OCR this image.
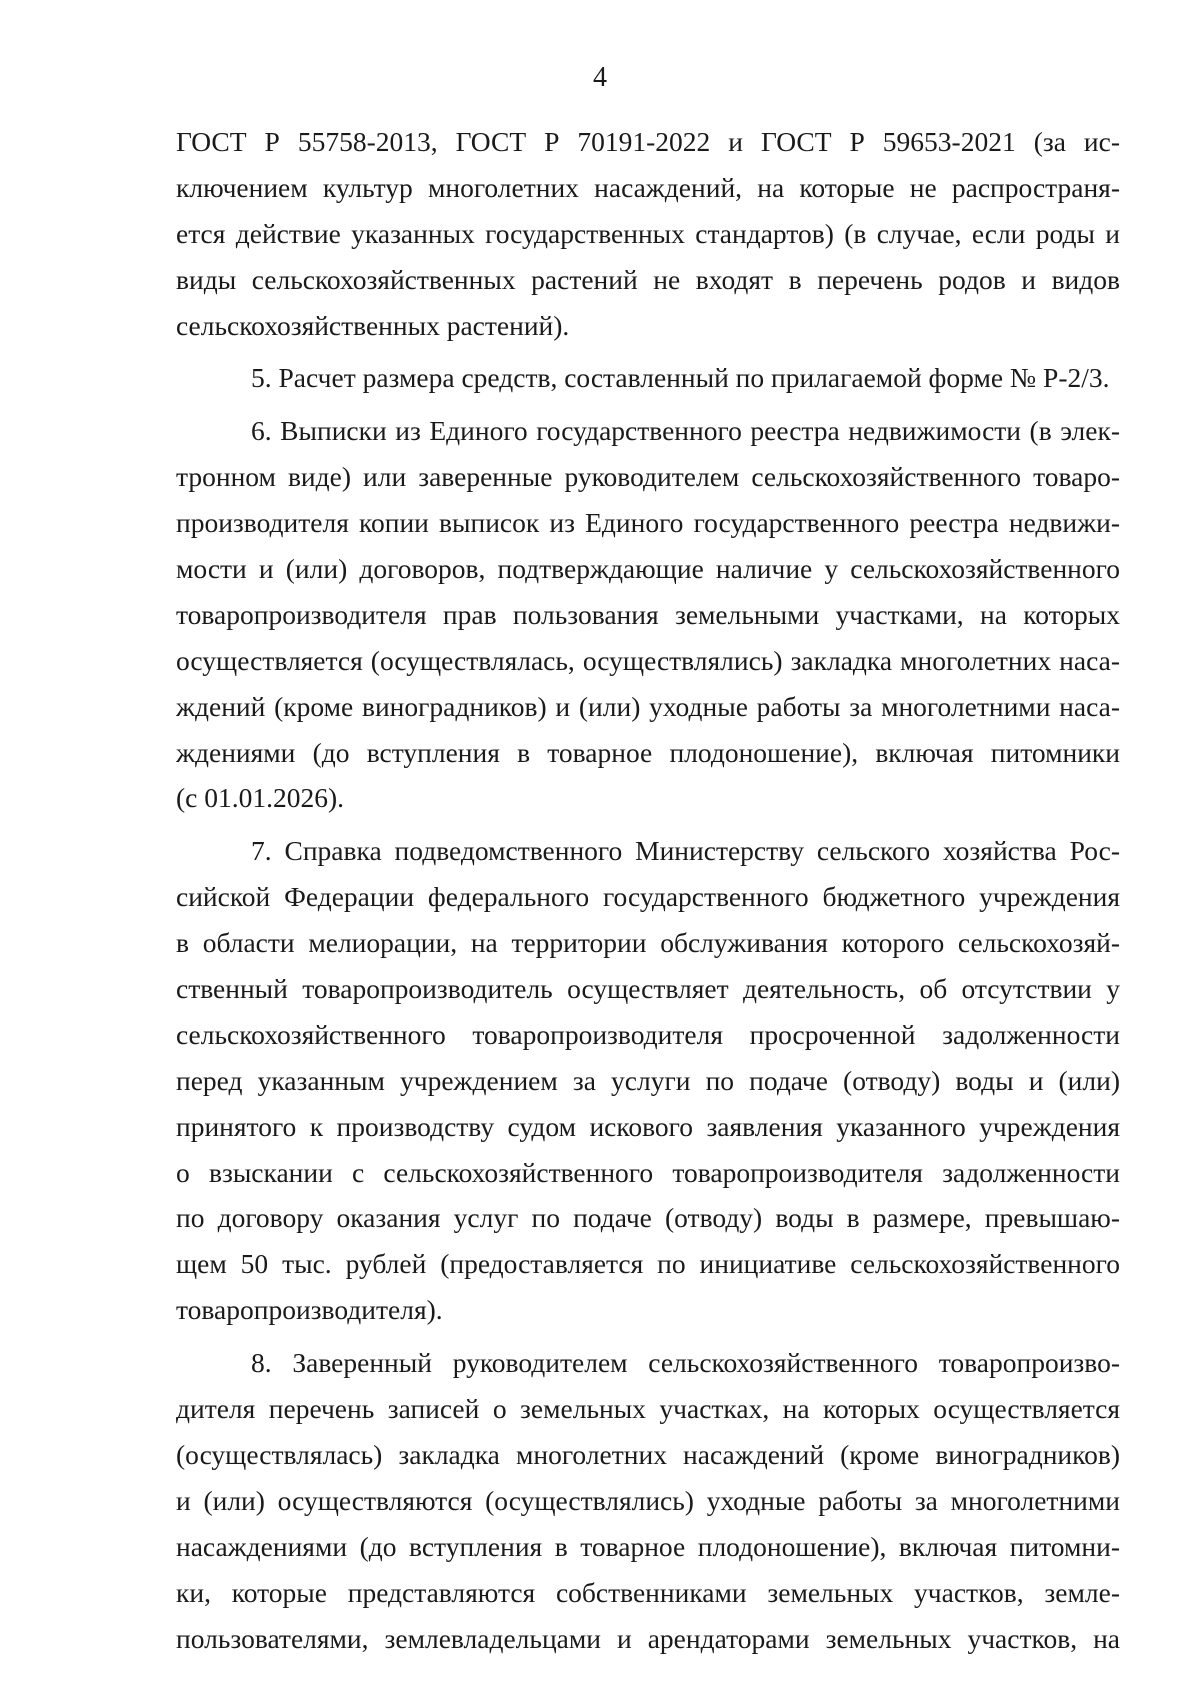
4
ГОСТ Р 55758-2013, ГОСТ Р 70191-2022 и ГОСТ Р 59653-2021 (за ис-
ключением культур многолетних насаждений, на которые не распространя-
ется действие указанных государственных стандартов) (в случае, если роды и
виды сельскохозяйственных растений не входят в перечень родов и видов
сельскохозяйственных растений).
5. Расчет размера средств, составленный по прилагаемой форме № Р-2/3.
6. Выписки из Единого государственного реестра недвижимости (в элек-
тронном виде) или заверенные руководителем сельскохозяйственного товаро-
производителя копии выписок из Единого государственного реестра недвижи-
мости и (или) договоров, подтверждающие наличие у сельскохозяйственного
товаропроизводителя прав пользования земельными участками, на которых
осуществляется (осуществлялась, осуществлялись) закладка многолетних наса-
ждений (кроме виноградников) и (или) уходные работы за многолетними наса-
ждениями (до вступления в товарное плодоношение), включая питомники
(с 01.01.2026).
7. Справка подведомственного Министерству сельского хозяйства Рос-
сийской Федерации федерального государственного бюджетного учреждения
в области мелиорации, на территории обслуживания которого сельскохозяй-
ственный товаропроизводитель осуществляет деятельность, об отсутствии у
сельскохозяйственного товаропроизводителя просроченной задолженности
перед указанным учреждением за услуги по подаче (отводу) воды и (или)
принятого к производству судом искового заявления указанного учреждения
о взыскании с сельскохозяйственного товаропроизводителя задолженности
по договору оказания услуг по подаче (отводу) воды в размере, превышаю-
щем 50 тыс. рублей (предоставляется по инициативе сельскохозяйственного
товаропроизводителя).
8. Заверенный руководителем сельскохозяйственного товаропроизво-
дителя перечень записей о земельных участках, на которых осуществляется
(осуществлялась) закладка многолетних насаждений (кроме виноградников)
и (или) осуществляются (осуществлялись) уходные работы за многолетними
насаждениями (до вступления в товарное плодоношение), включая питомни-
ки, которые представляются собственниками земельных участков, земле-
пользователями, землевладельцами и арендаторами земельных участков, на
